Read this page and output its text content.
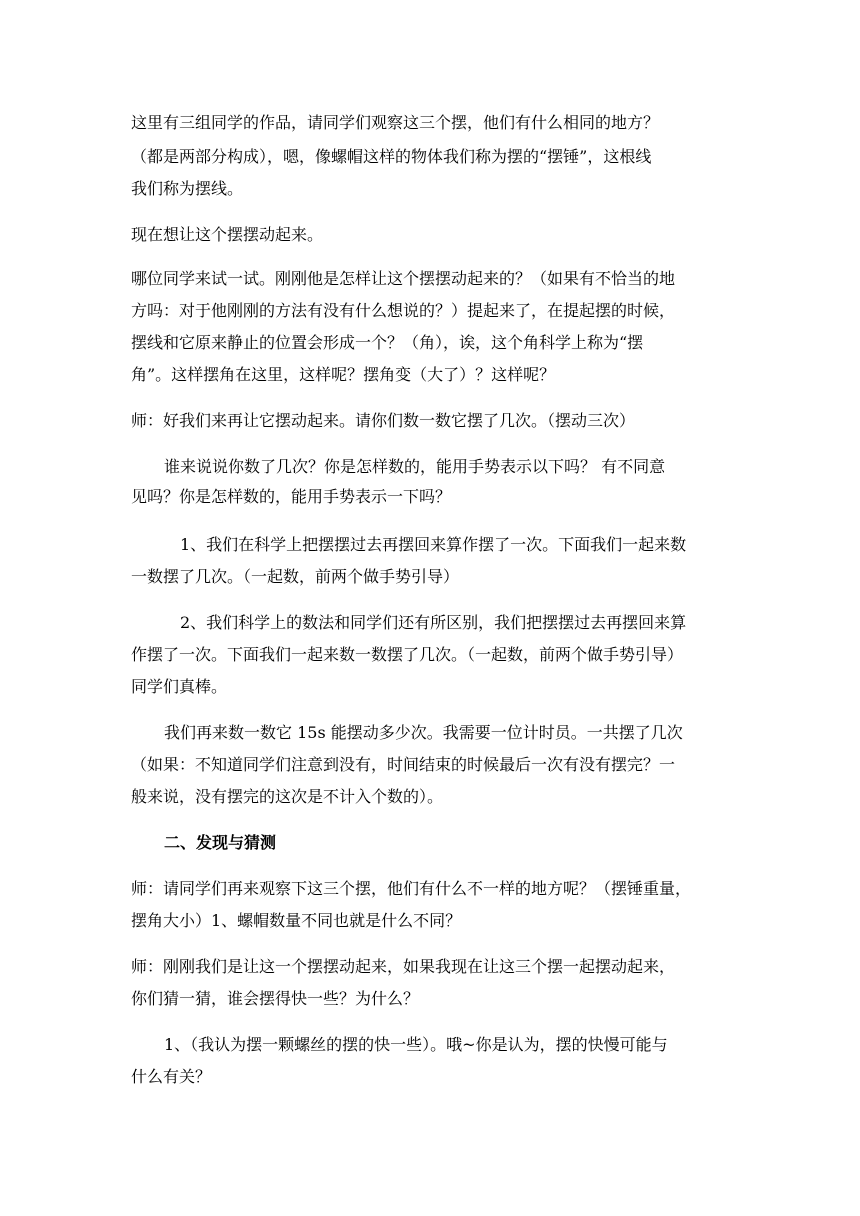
这里有三组同学的作品，请同学们观察这三个摆，他们有什么相同的地方？

（都是两部分构成），嗯，像螺帽这样的物体我们称为摆的“摆锤”，这根线

我们称为摆线。

现在想让这个摆摆动起来。

哪位同学来试一试。刚刚他是怎样让这个摆摆动起来的？（如果有不恰当的地

方吗：对于他刚刚的方法有没有什么想说的？）提起来了，在提起摆的时候，

摆线和它原来静止的位置会形成一个？（角），诶，这个角科学上称为“摆

角”。这样摆角在这里，这样呢？摆角变（大了）？这样呢？

师：好我们来再让它摆动起来。请你们数一数它摆了几次。（摆动三次）

谁来说说你数了几次？你是怎样数的，能用手势表示以下吗？ 有不同意

见吗？你是怎样数的，能用手势表示一下吗？

1、我们在科学上把摆摆过去再摆回来算作摆了一次。下面我们一起来数

一数摆了几次。（一起数，前两个做手势引导）

2、我们科学上的数法和同学们还有所区别，我们把摆摆过去再摆回来算

作摆了一次。下面我们一起来数一数摆了几次。（一起数，前两个做手势引导）

同学们真棒。

我们再来数一数它 15s 能摆动多少次。我需要一位计时员。一共摆了几次

（如果：不知道同学们注意到没有，时间结束的时候最后一次有没有摆完？一

般来说，没有摆完的这次是不计入个数的）。

二、发现与猜测

师：请同学们再来观察下这三个摆，他们有什么不一样的地方呢？（摆锤重量，

摆角大小）1、螺帽数量不同也就是什么不同？

师：刚刚我们是让这一个摆摆动起来，如果我现在让这三个摆一起摆动起来，

你们猜一猜，谁会摆得快一些？为什么？

1、（我认为摆一颗螺丝的摆的快一些）。哦~你是认为，摆的快慢可能与

什么有关？
